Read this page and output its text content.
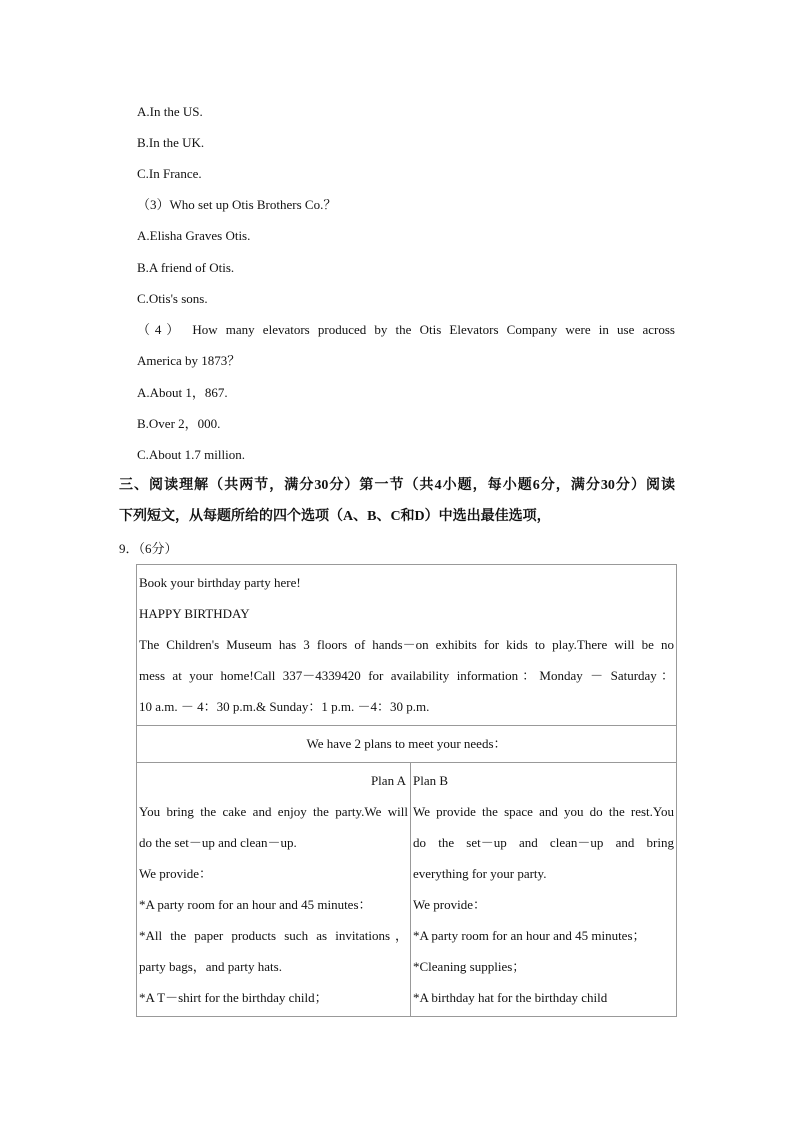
A.In the US.
B.In the UK.
C.In France.
（3）Who set up Otis Brothers Co.？
A.Elisha Graves Otis.
B.A friend of Otis.
C.Otis's sons.
（4） How many elevators produced by the Otis Elevators Company were in use across
America by 1873？
A.About 1，867.
B.Over 2，000.
C.About 1.7 million.
三、阅读理解（共两节，满分30分）第一节（共4小题，每小题6分，满分30分）阅读
下列短文，从每题所给的四个选项（A、B、C和D）中选出最佳选项，
9．（6分）
Book your birthday party here!
HAPPY BIRTHDAY
The Children's Museum has 3 floors of hands－on exhibits for kids to play.There will be no
mess at your home!Call 337－4339420 for availability information：Monday － Saturday：
10 a.m. － 4：30 p.m.& Sunday：1 p.m. －4：30 p.m.

We have 2 plans to meet your needs：

Plan A
You bring the cake and enjoy the party.We will
do the set－up and clean－up.
We provide：
*A party room for an hour and 45 minutes：
*All the paper products such as invitations，
party bags，and party hats.
*A T－shirt for the birthday child；

Plan B
We provide the space and you do the rest.You
do the set－up and clean－up and bring
everything for your party.
We provide：
*A party room for an hour and 45 minutes；
*Cleaning supplies；
*A birthday hat for the birthday child
